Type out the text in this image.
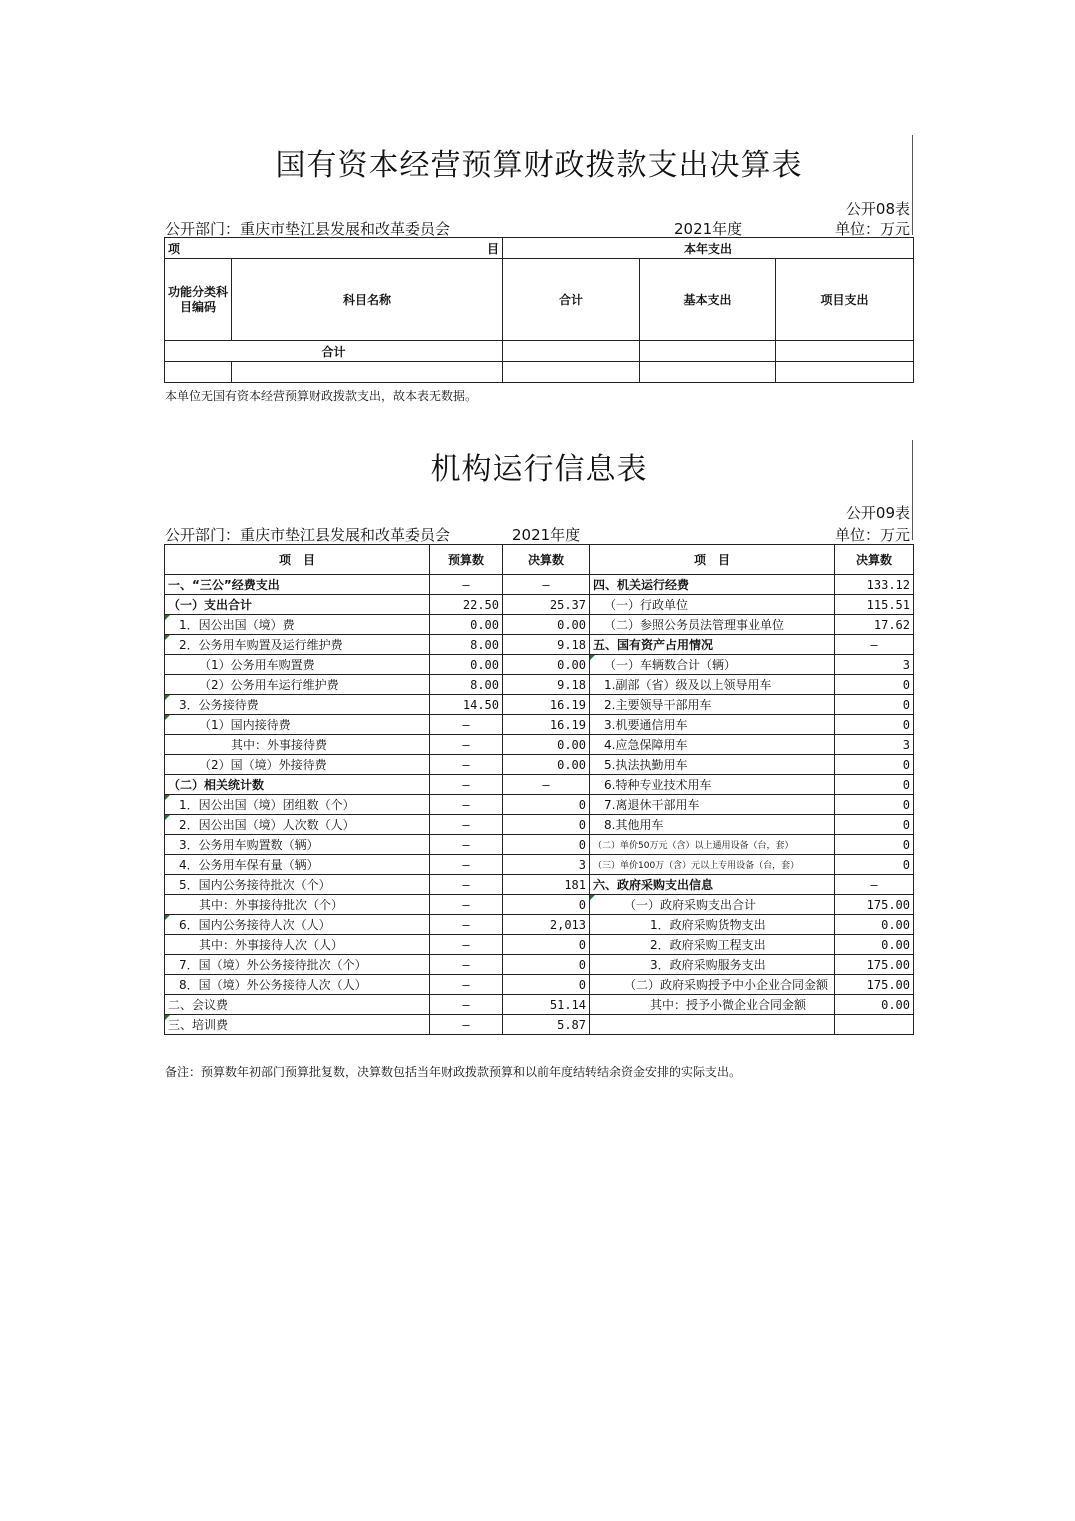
国有资本经营预算财政拨款支出决算表
公开08表
公开部门：重庆市垫江县发展和改革委员会	2021年度	单位：万元
项 目		本年支出		
功能分类科目编码	科目名称	合计	基本支出	项目支出
合计				

本单位无国有资本经营预算财政拨款支出，故本表无数据。
机构运行信息表
公开09表
公开部门：重庆市垫江县发展和改革委员会	2021年度	单位：万元
项　目	预算数	决算数	项　目	决算数
一、“三公”经费支出	—	—	四、机关运行经费	133.12
（一）支出合计	22.50	25.37	（一）行政单位	115.51
1．因公出国（境）费	0.00	0.00	（二）参照公务员法管理事业单位	17.62
2．公务用车购置及运行维护费	8.00	9.18	五、国有资产占用情况	—
（1）公务用车购置费	0.00	0.00	（一）车辆数合计（辆）	3
（2）公务用车运行维护费	8.00	9.18	1.副部（省）级及以上领导用车	0
3．公务接待费	14.50	16.19	2.主要领导干部用车	0
（1）国内接待费	—	16.19	3.机要通信用车	0
其中：外事接待费	—	0.00	4.应急保障用车	3
（2）国（境）外接待费	—	0.00	5.执法执勤用车	0
（二）相关统计数	—	—	6.特种专业技术用车	0
1．因公出国（境）团组数（个）	—	0	7.离退休干部用车	0
2．因公出国（境）人次数（人）	—	0	8.其他用车	0
3．公务用车购置数（辆）	—	0	（二）单价50万元（含）以上通用设备（台，套）	0
4．公务用车保有量（辆）	—	3	（三）单价100万（含）元以上专用设备（台，套）	0
5．国内公务接待批次（个）	—	181	六、政府采购支出信息	—
其中：外事接待批次（个）	—	0	（一）政府采购支出合计	175.00
6．国内公务接待人次（人）	—	2,013	1．政府采购货物支出	0.00
其中：外事接待人次（人）	—	0	2．政府采购工程支出	0.00
7．国（境）外公务接待批次（个）	—	0	3．政府采购服务支出	175.00
8．国（境）外公务接待人次（人）	—	0	（二）政府采购授予中小企业合同金额	175.00
二、会议费	—	51.14	其中：授予小微企业合同金额	0.00
三、培训费	—	5.87		
备注：预算数年初部门预算批复数，决算数包括当年财政拨款预算和以前年度结转结余资金安排的实际支出。
